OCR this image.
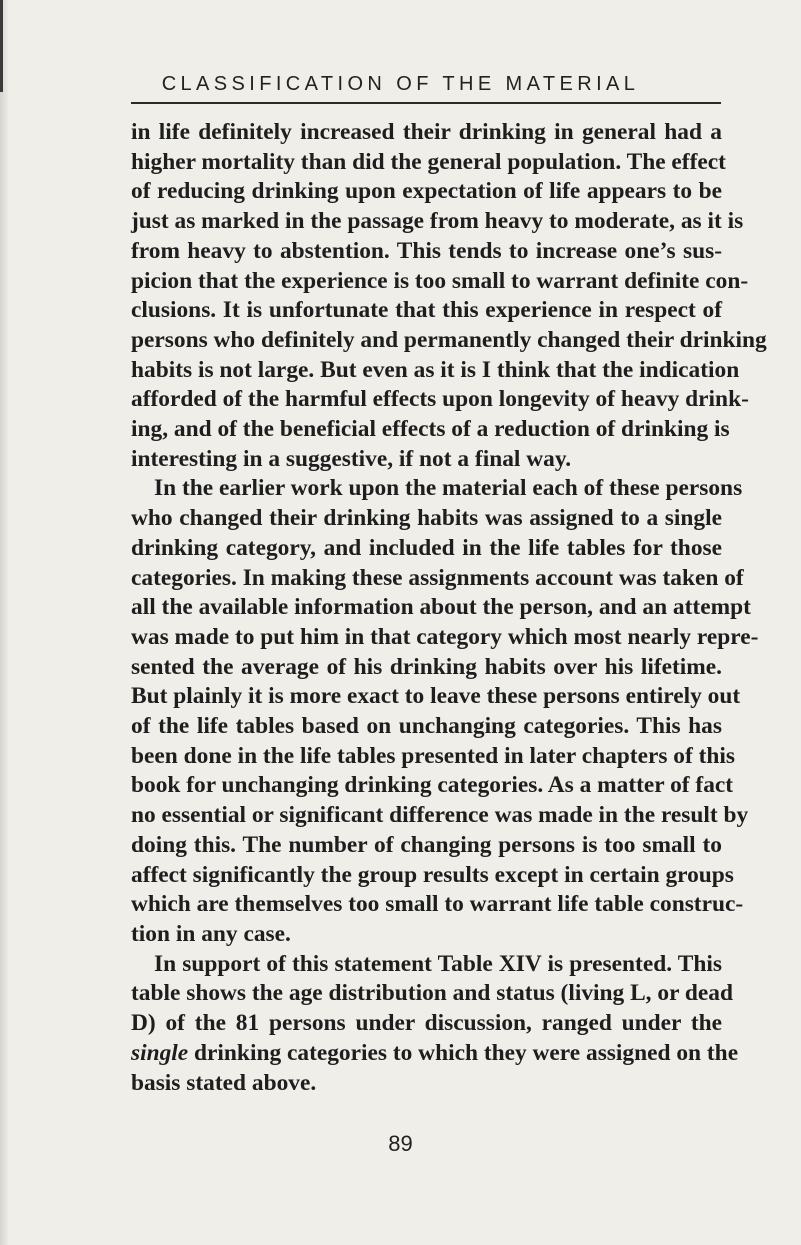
CLASSIFICATION OF THE MATERIAL
in life definitely increased their drinking in general had a
higher mortality than did the general population. The effect
of reducing drinking upon expectation of life appears to be
just as marked in the passage from heavy to moderate, as it is
from heavy to abstention. This tends to increase one’s sus-
picion that the experience is too small to warrant definite con-
clusions. It is unfortunate that this experience in respect of
persons who definitely and permanently changed their drinking
habits is not large. But even as it is I think that the indication
afforded of the harmful effects upon longevity of heavy drink-
ing, and of the beneficial effects of a reduction of drinking is
interesting in a suggestive, if not a final way.
In the earlier work upon the material each of these persons
who changed their drinking habits was assigned to a single
drinking category, and included in the life tables for those
categories. In making these assignments account was taken of
all the available information about the person, and an attempt
was made to put him in that category which most nearly repre-
sented the average of his drinking habits over his lifetime.
But plainly it is more exact to leave these persons entirely out
of the life tables based on unchanging categories. This has
been done in the life tables presented in later chapters of this
book for unchanging drinking categories. As a matter of fact
no essential or significant difference was made in the result by
doing this. The number of changing persons is too small to
affect significantly the group results except in certain groups
which are themselves too small to warrant life table construc-
tion in any case.
In support of this statement Table XIV is presented. This
table shows the age distribution and status (living L, or dead
D) of the 81 persons under discussion, ranged under the
single drinking categories to which they were assigned on the
basis stated above.
89
